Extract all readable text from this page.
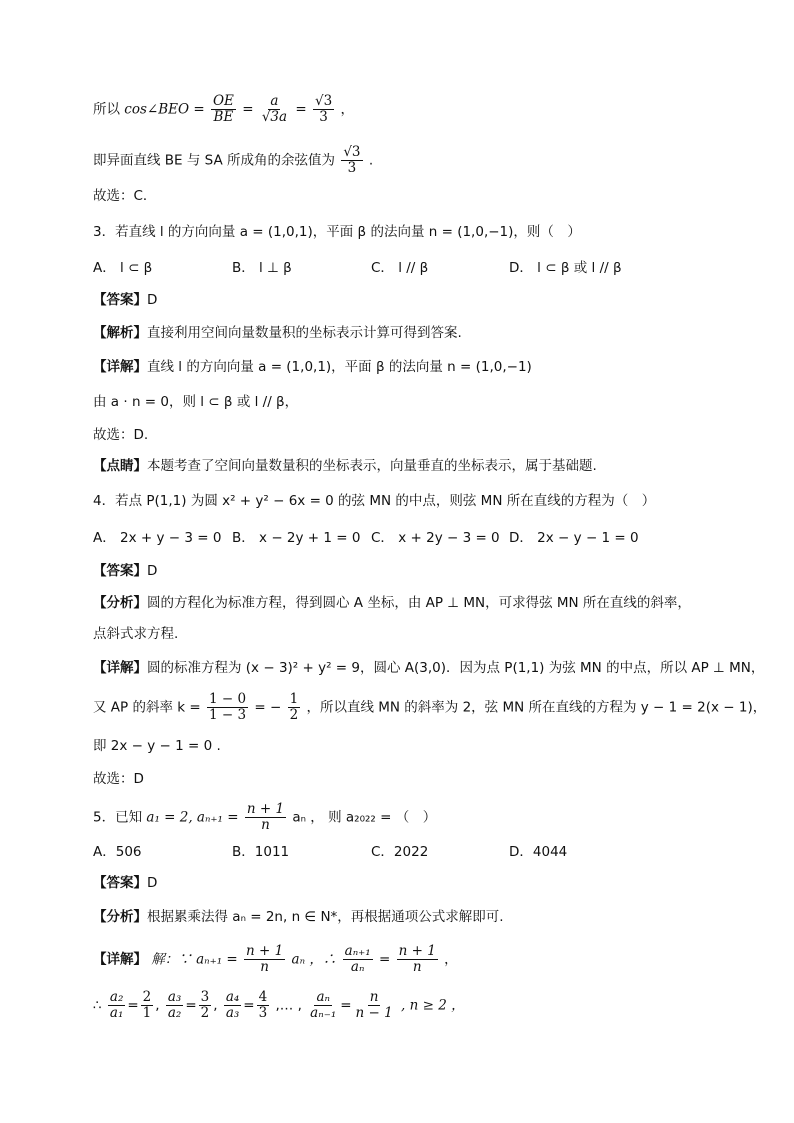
所以 cos∠BEO = $\frac{OE}{BE} = \frac{a}{√3a} = \frac{√3}{3}$ ，
即异面直线 BE 与 SA 所成角的余弦值为 $\frac{√3}{3}$ .
故选：C．
3．若直线 l 的方向向量 a = (1,0,1)，平面 β 的法向量 n = (1,0,−1)，则（　）
A． l ⊂ β	B． l ⊥ β	C． l // β	D． l ⊂ β 或 l // β
【答案】D
【解析】直接利用空间向量数量积的坐标表示计算可得到答案.
【详解】直线 l 的方向向量 a = (1,0,1)，平面 β 的法向量 n = (1,0,−1)
由 a · n = 0，则 l ⊂ β 或 l // β，
故选：D.
【点睛】本题考查了空间向量数量积的坐标表示，向量垂直的坐标表示，属于基础题.
4．若点 P(1,1) 为圆 x² + y² − 6x = 0 的弦 MN 的中点，则弦 MN 所在直线的方程为（　）
A． 2x + y − 3 = 0 B． x − 2y + 1 = 0 C． x + 2y − 3 = 0 D． 2x − y − 1 = 0
【答案】D
【分析】圆的方程化为标准方程，得到圆心 A 坐标，由 AP ⊥ MN，可求得弦 MN 所在直线的斜率，
点斜式求方程.
【详解】圆的标准方程为 (x − 3)² + y² = 9，圆心 A(3,0)．因为点 P(1,1) 为弦 MN 的中点，所以 AP ⊥ MN，
又 AP 的斜率 $k = \frac{1 - 0}{1 - 3}$ = − $\frac{1}{2}$ ，所以直线 MN 的斜率为 2，弦 MN 所在直线的方程为 y − 1 = 2(x − 1)，
即 2x − y − 1 = 0 .
故选：D
5．已知 a₁ = 2, $a_{n+1} = \frac{n + 1}{n}$ aₙ ， 则 a₂₀₂₂ = （　）
A．506	B．1011	C．2022	D．4044
【答案】D
【分析】根据累乘法得 aₙ = 2n, n ∈ N*，再根据通项公式求解即可.
【详解】 解：∵ $a_{n+1} = \frac{n + 1}{n}$ aₙ ，∴ $\frac{\text{aₙ₊₁}}{\text{aₙ}} = \frac{n + 1}{n}$ ，
∴ $\frac{\text{a₂}}{\text{a₁}} = \frac{2}{1}$ , $\frac{\text{a₃}}{\text{a₂}} = \frac{3}{2}$ , $\frac{\text{a₄}}{\text{a₃}} = \frac{4}{3}$ ,… , $\frac{\text{aₙ}}{\text{aₙ₋₁}} = \frac{n}{n - 1}$ , n ≥ 2 ，
